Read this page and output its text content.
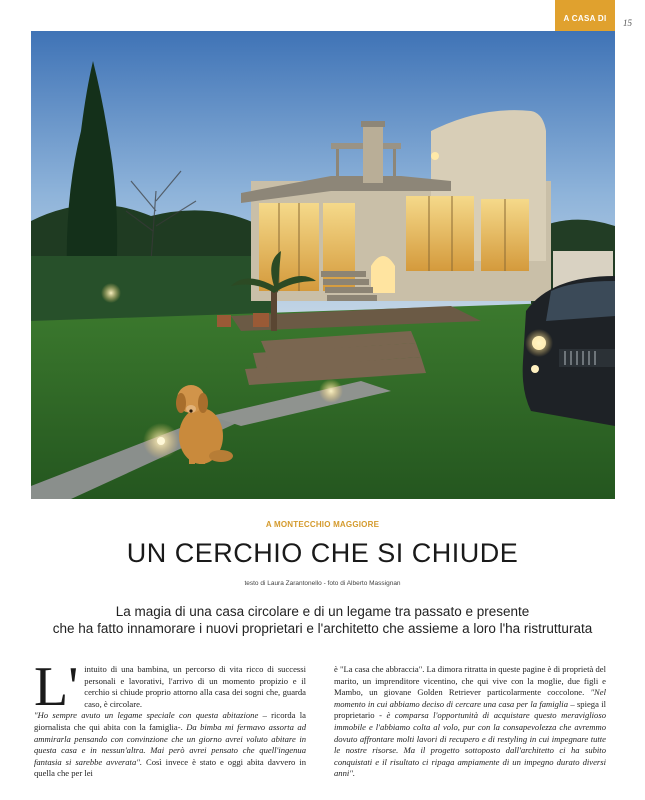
A CASA DI	15
A MONTECCHIO MAGGIORE
UN CERCHIO CHE SI CHIUDE
testo di Laura Zarantonello - foto di Alberto Massignan
La magia di una casa circolare e di un legame tra passato e presente
che ha fatto innamorare i nuovi proprietari e l'architetto che assieme a loro l'ha ristrutturata
L' intuito di una bambina, un percorso di vita ricco di successi personali e lavorativi, l'arrivo di un momento propizio e il cerchio si chiude proprio attorno alla casa dei sogni che, guarda caso, è circolare.
"Ho sempre avuto un legame speciale con questa abitazione – ricorda la giornalista che qui abita con la famiglia-. Da bimba mi fermavo assorta ad ammirarla pensando con convinzione che un giorno avrei voluto abitare in questa casa e in nessun'altra. Mai però avrei pensato che quell'ingenua fantasia si sarebbe avverata". Così invece è stato e oggi abita davvero in quella che per lei

è "La casa che abbraccia". La dimora ritratta in queste pagine è di proprietà del marito, un imprenditore vicentino, che qui vive con la moglie, due figli e Mambo, un giovane Golden Retriever particolarmente coccolone. "Nel momento in cui abbiamo deciso di cercare una casa per la famiglia – spiega il proprietario - è comparsa l'opportunità di acquistare questo meraviglioso immobile e l'abbiamo colta al volo, pur con la consapevolezza che avremmo dovuto affrontare molti lavori di recupero e di restyling in cui impegnare tutte le nostre risorse. Ma il progetto sottoposto dall'architetto ci ha subito conquistati e il risultato ci ripaga ampiamente di un impegno durato diversi anni".
